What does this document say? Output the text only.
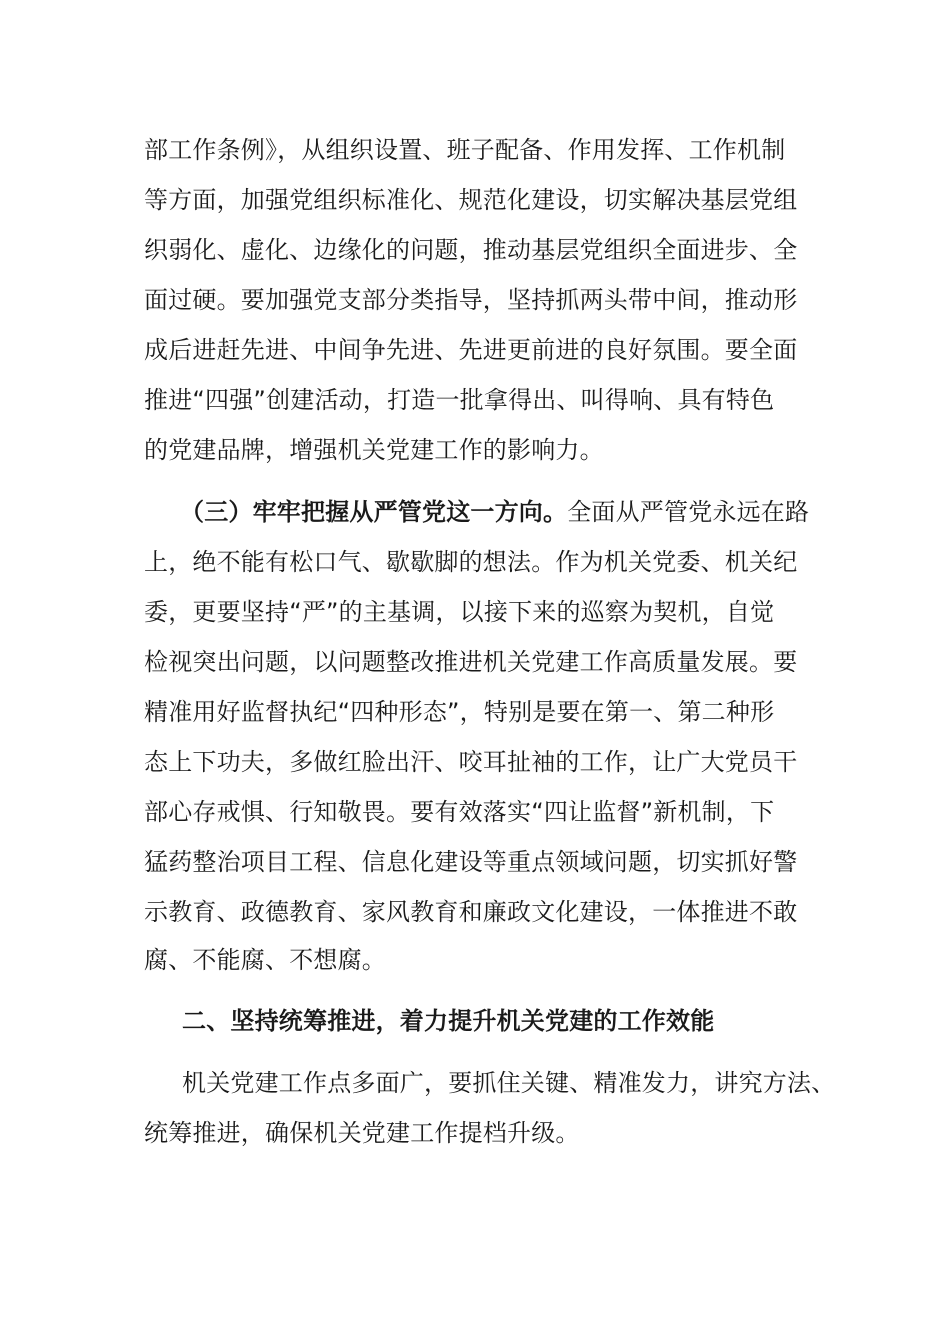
部工作条例》，从组织设置、班子配备、作用发挥、工作机制
等方面，加强党组织标准化、规范化建设，切实解决基层党组
织弱化、虚化、边缘化的问题，推动基层党组织全面进步、全
面过硬。要加强党支部分类指导，坚持抓两头带中间，推动形
成后进赶先进、中间争先进、先进更前进的良好氛围。要全面
推进“四强”创建活动，打造一批拿得出、叫得响、具有特色
的党建品牌，增强机关党建工作的影响力。
（三）牢牢把握从严管党这一方向。全面从严管党永远在路
上，绝不能有松口气、歇歇脚的想法。作为机关党委、机关纪
委，更要坚持“严”的主基调，以接下来的巡察为契机，自觉
检视突出问题，以问题整改推进机关党建工作高质量发展。要
精准用好监督执纪“四种形态”，特别是要在第一、第二种形
态上下功夫，多做红脸出汗、咬耳扯袖的工作，让广大党员干
部心存戒惧、行知敬畏。要有效落实“四让监督”新机制，下
猛药整治项目工程、信息化建设等重点领域问题，切实抓好警
示教育、政德教育、家风教育和廉政文化建设，一体推进不敢
腐、不能腐、不想腐。
二、坚持统筹推进，着力提升机关党建的工作效能
机关党建工作点多面广，要抓住关键、精准发力，讲究方法、
统筹推进，确保机关党建工作提档升级。
